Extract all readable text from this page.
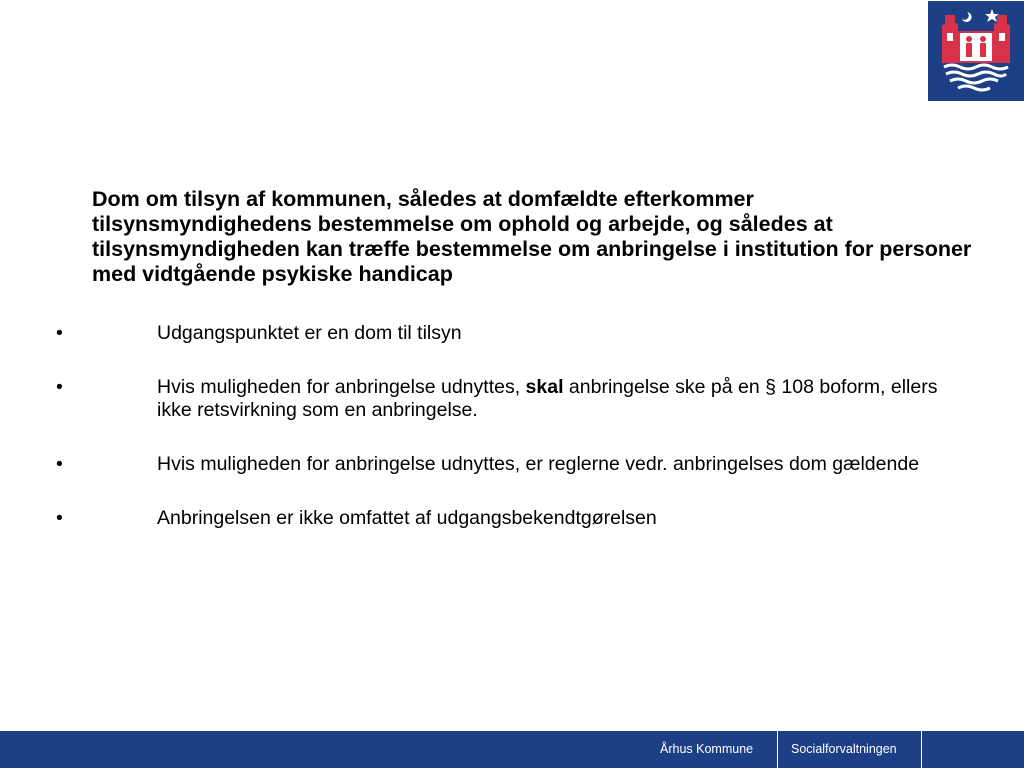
Dom om tilsyn af kommunen, således at domfældte efterkommer tilsynsmyndighedens bestemmelse om ophold og arbejde, og således at tilsynsmyndigheden kan træffe bestemmelse om anbringelse i institution for personer med vidtgående psykiske handicap

•	Udgangspunktet er en dom til tilsyn
•	Hvis muligheden for anbringelse udnyttes, skal anbringelse ske på en § 108 boform, ellers ikke retsvirkning som en anbringelse.
•	Hvis muligheden for anbringelse udnyttes, er reglerne vedr. anbringelses dom gældende
•	Anbringelsen er ikke omfattet af udgangsbekendtgørelsen
Århus Kommune	Socialforvaltningen
